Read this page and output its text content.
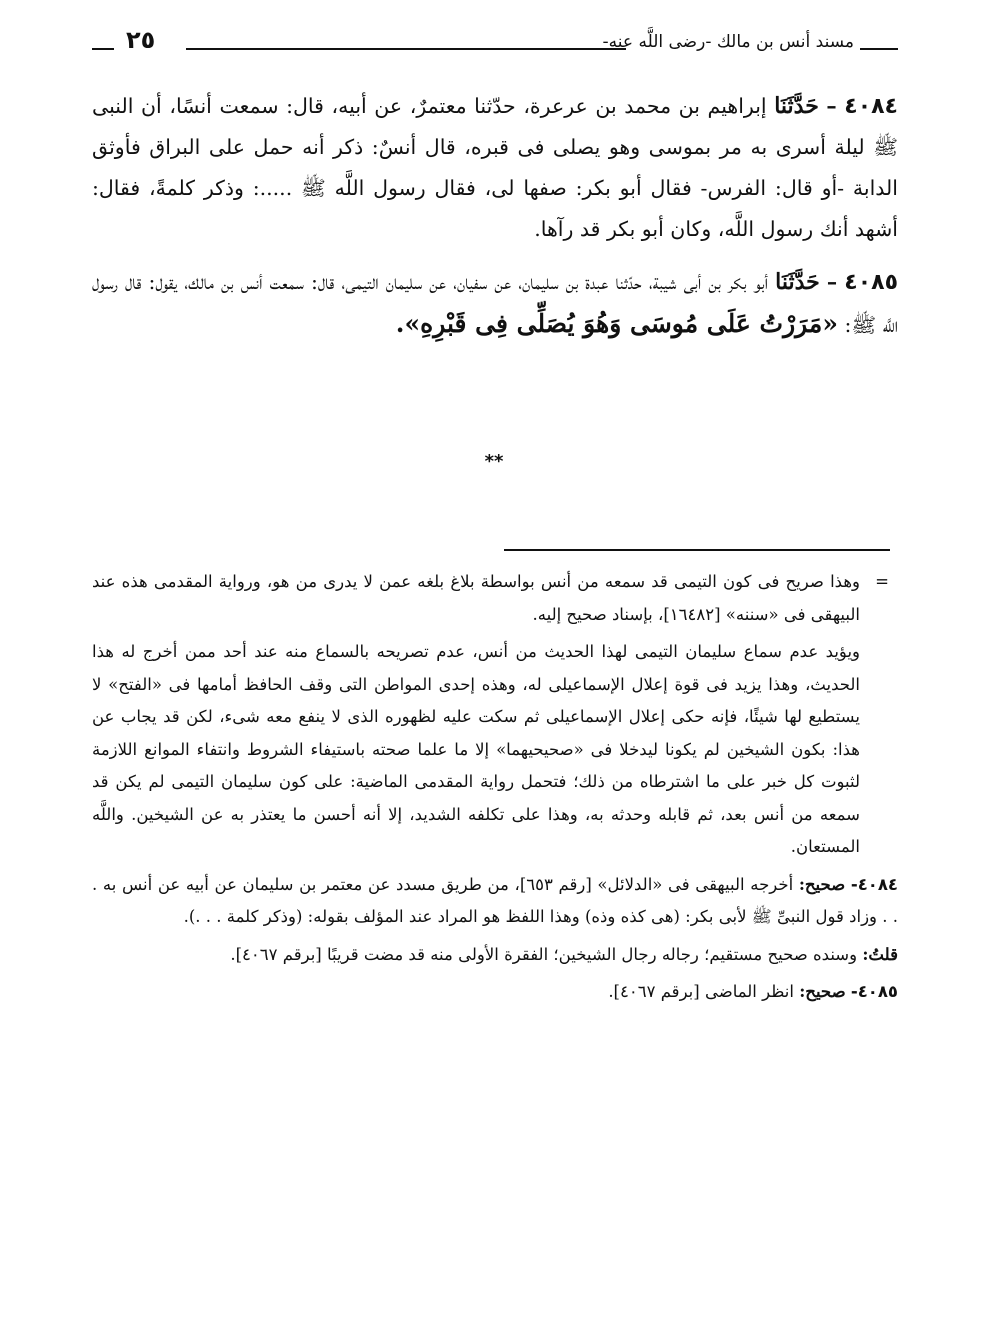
مسند أنس بن مالك -رضى اللَّه عنه-
٢٥

٤٠٨٤ – حَدَّثَنَا إبراهيم بن محمد بن عرعرة، حدّثنا معتمرٌ، عن أبيه، قال: سمعت أنسًا، أن النبى ﷺ ليلة أسرى به مر بموسى وهو يصلى فى قبره، قال أنسٌ: ذكر أنه حمل على البراق فأوثق الدابة -أو قال: الفرس- فقال أبو بكر: صفها لى، فقال رسول اللَّه ﷺ .....: وذكر كلمةً، فقال: أشهد أنك رسول اللَّه، وكان أبو بكر قد رآها.

٤٠٨٥ – حَدَّثَنَا أبو بكر بن أبى شيبة، حدّثنا عبدة بن سليمان، عن سفيان، عن سليمان التيمى، قال: سمعت أنس بن مالك، يقول: قال رسول اللَّه ﷺ: «مَرَرْتُ عَلَى مُوسَى وَهُوَ يُصَلِّى فِى قَبْرِهِ».

**

=وهذا صريح فى كون التيمى قد سمعه من أنس بواسطة بلاغ بلغه عمن لا يدرى من هو، ورواية المقدمى هذه عند البيهقى فى «سننه» [١٦٤٨٢]، بإسناد صحيح إليه.

ويؤيد عدم سماع سليمان التيمى لهذا الحديث من أنس، عدم تصريحه بالسماع منه عند أحد ممن أخرج له هذا الحديث، وهذا يزيد فى قوة إعلال الإسماعيلى له، وهذه إحدى المواطن التى وقف الحافظ أمامها فى «الفتح» لا يستطيع لها شيئًا، فإنه حكى إعلال الإسماعيلى ثم سكت عليه لظهوره الذى لا ينفع معه شىء، لكن قد يجاب عن هذا: بكون الشيخين لم يكونا ليدخلا فى «صحيحيهما» إلا ما علما صحته باستيفاء الشروط وانتفاء الموانع اللازمة لثبوت كل خبر على ما اشترطاه من ذلك؛ فتحمل رواية المقدمى الماضية: على كون سليمان التيمى لم يكن قد سمعه من أنس بعد، ثم قابله وحدثه به، وهذا على تكلفه الشديد، إلا أنه أحسن ما يعتذر به عن الشيخين. واللَّه المستعان.

٤٠٨٤- صحيح: أخرجه البيهقى فى «الدلائل» [رقم ٦٥٣]، من طريق مسدد عن معتمر بن سليمان عن أبيه عن أنس به . . . وزاد قول النبىِّ ﷺ لأبى بكر: (هى كذه وذه) وهذا اللفظ هو المراد عند المؤلف بقوله: (وذكر كلمة . . .).

قلتُ: وسنده صحيح مستقيم؛ رجاله رجال الشيخين؛ الفقرة الأولى منه قد مضت قريبًا [برقم ٤٠٦٧].

٤٠٨٥- صحيح: انظر الماضى [برقم ٤٠٦٧].
